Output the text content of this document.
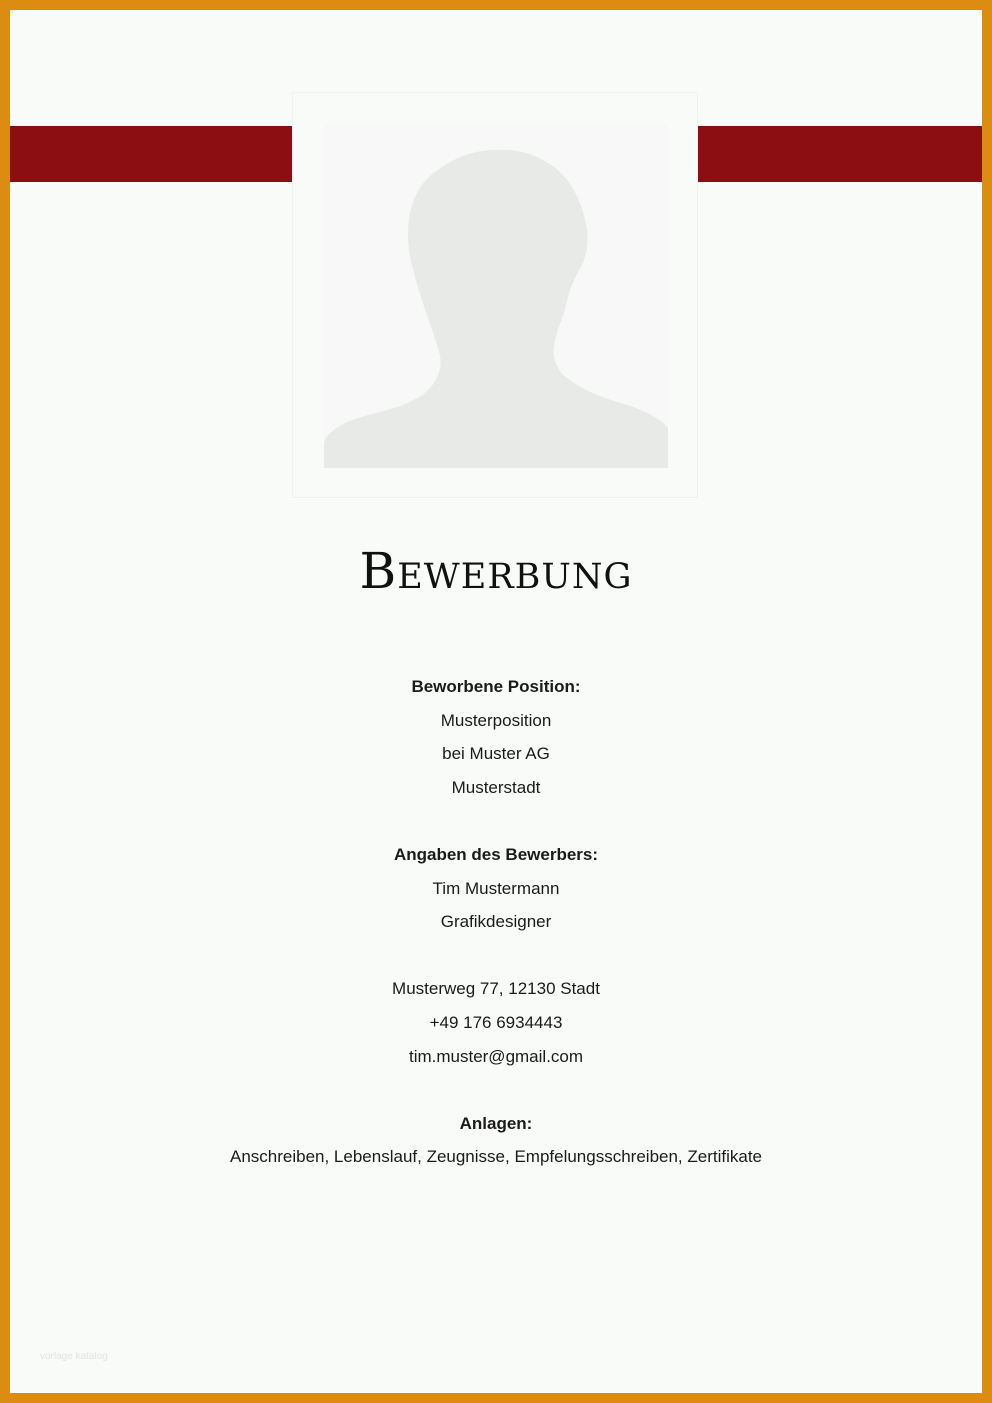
Bewerbung
Beworbene Position:
Musterposition
bei Muster AG
Musterstadt
Angaben des Bewerbers:
Tim Mustermann
Grafikdesigner
Musterweg 77, 12130 Stadt
+49 176 6934443
tim.muster@gmail.com
Anlagen:
Anschreiben, Lebenslauf, Zeugnisse, Empfelungsschreiben, Zertifikate
vorlage katalog
